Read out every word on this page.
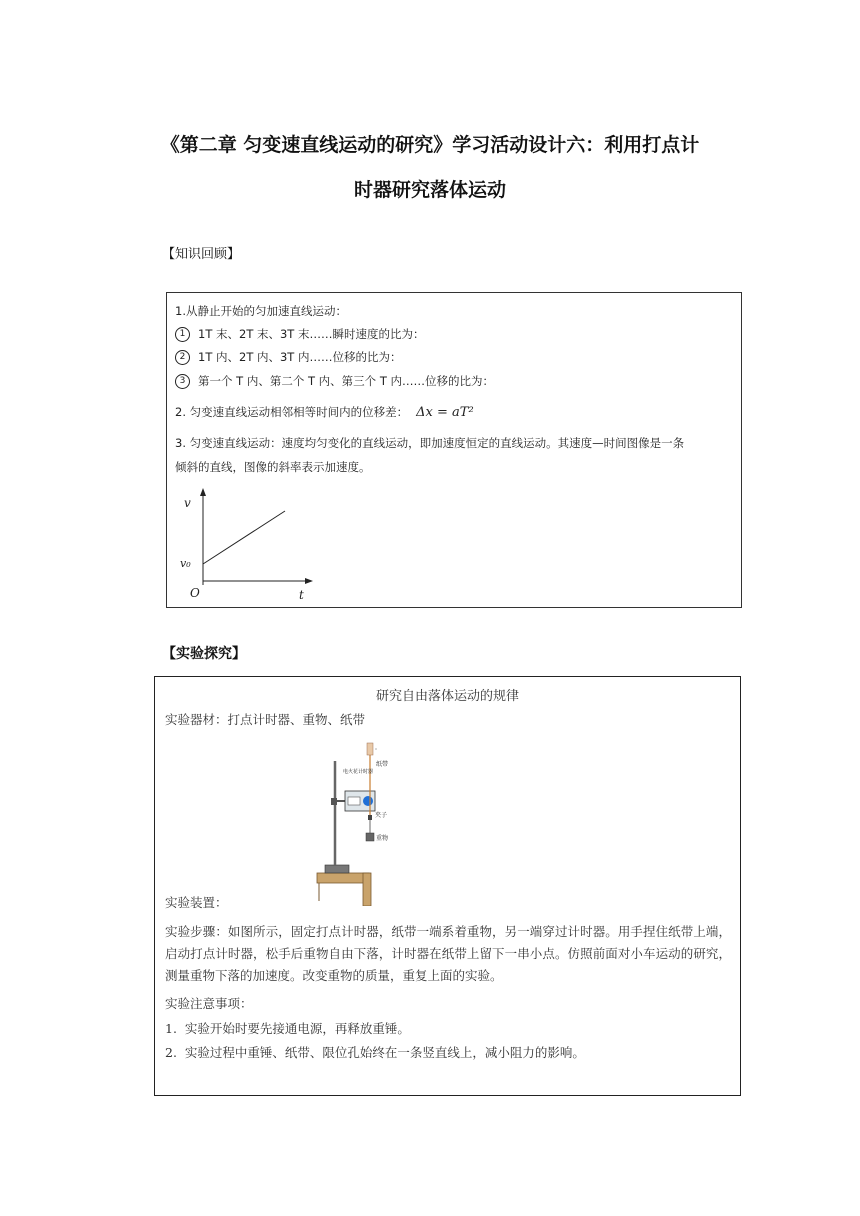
《第二章 匀变速直线运动的研究》学习活动设计六：利用打点计
时器研究落体运动
【知识回顾】
1.从静止开始的匀加速直线运动：
1 1T 末、2T 末、3T 末……瞬时速度的比为：
2 1T 内、2T 内、3T 内……位移的比为：
3 第一个 T 内、第二个 T 内、第三个 T 内……位移的比为：
2. 匀变速直线运动相邻相等时间内的位移差： Δx = aT²
3. 匀变速直线运动：速度均匀变化的直线运动，即加速度恒定的直线运动。其速度—时间图像是一条
倾斜的直线，图像的斜率表示加速度。
v
v₀
O	t
【实验探究】
研究自由落体运动的规律
实验器材：打点计时器、重物、纸带
纸带
电火花计时器
夹子
重物
实验装置：
实验步骤：如图所示，固定打点计时器，纸带一端系着重物，另一端穿过计时器。用手捏住纸带上端，启动打点计时器，松手后重物自由下落，计时器在纸带上留下一串小点。仿照前面对小车运动的研究，测量重物下落的加速度。改变重物的质量，重复上面的实验。
实验注意事项：
1.  实验开始时要先接通电源，再释放重锤。
2.  实验过程中重锤、纸带、限位孔始终在一条竖直线上，减小阻力的影响。
